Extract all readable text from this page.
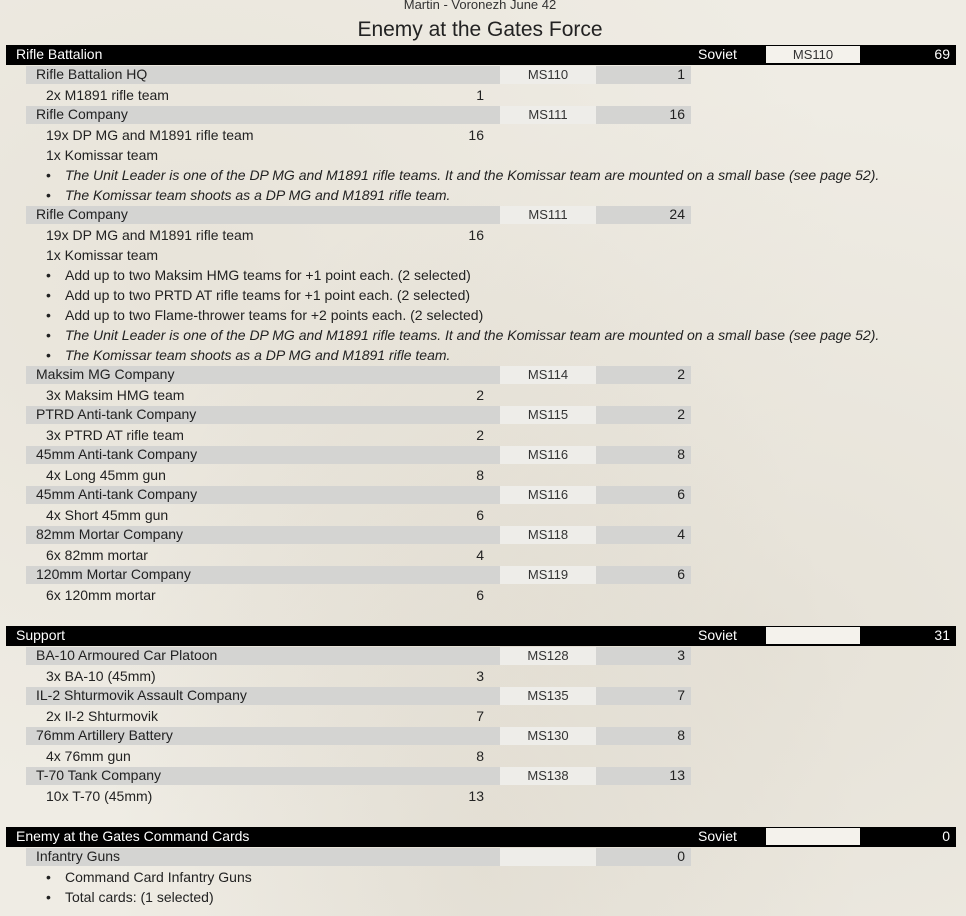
Martin - Voronezh June 42
Enemy at the Gates Force
Rifle Battalion	Soviet	MS110	69
Rifle Battalion HQ	MS110	1
2x M1891 rifle team	1
Rifle Company	MS111	16
19x DP MG and M1891 rifle team	16
1x Komissar team
• The Unit Leader is one of the DP MG and M1891 rifle teams. It and the Komissar team are mounted on a small base (see page 52).
• The Komissar team shoots as a DP MG and M1891 rifle team.
Rifle Company	MS111	24
19x DP MG and M1891 rifle team	16
1x Komissar team
• Add up to two Maksim HMG teams for +1 point each. (2 selected)
• Add up to two PRTD AT rifle teams for +1 point each. (2 selected)
• Add up to two Flame-thrower teams for +2 points each. (2 selected)
• The Unit Leader is one of the DP MG and M1891 rifle teams. It and the Komissar team are mounted on a small base (see page 52).
• The Komissar team shoots as a DP MG and M1891 rifle team.
Maksim MG Company	MS114	2
3x Maksim HMG team	2
PTRD Anti-tank Company	MS115	2
3x PTRD AT rifle team	2
45mm Anti-tank Company	MS116	8
4x Long 45mm gun	8
45mm Anti-tank Company	MS116	6
4x Short 45mm gun	6
82mm Mortar Company	MS118	4
6x 82mm mortar	4
120mm Mortar Company	MS119	6
6x 120mm mortar	6
Support	Soviet	31
BA-10 Armoured Car Platoon	MS128	3
3x BA-10 (45mm)	3
IL-2 Shturmovik Assault Company	MS135	7
2x Il-2 Shturmovik	7
76mm Artillery Battery	MS130	8
4x 76mm gun	8
T-70 Tank Company	MS138	13
10x T-70 (45mm)	13
Enemy at the Gates Command Cards	Soviet	0
Infantry Guns	0
• Command Card Infantry Guns
• Total cards: (1 selected)
